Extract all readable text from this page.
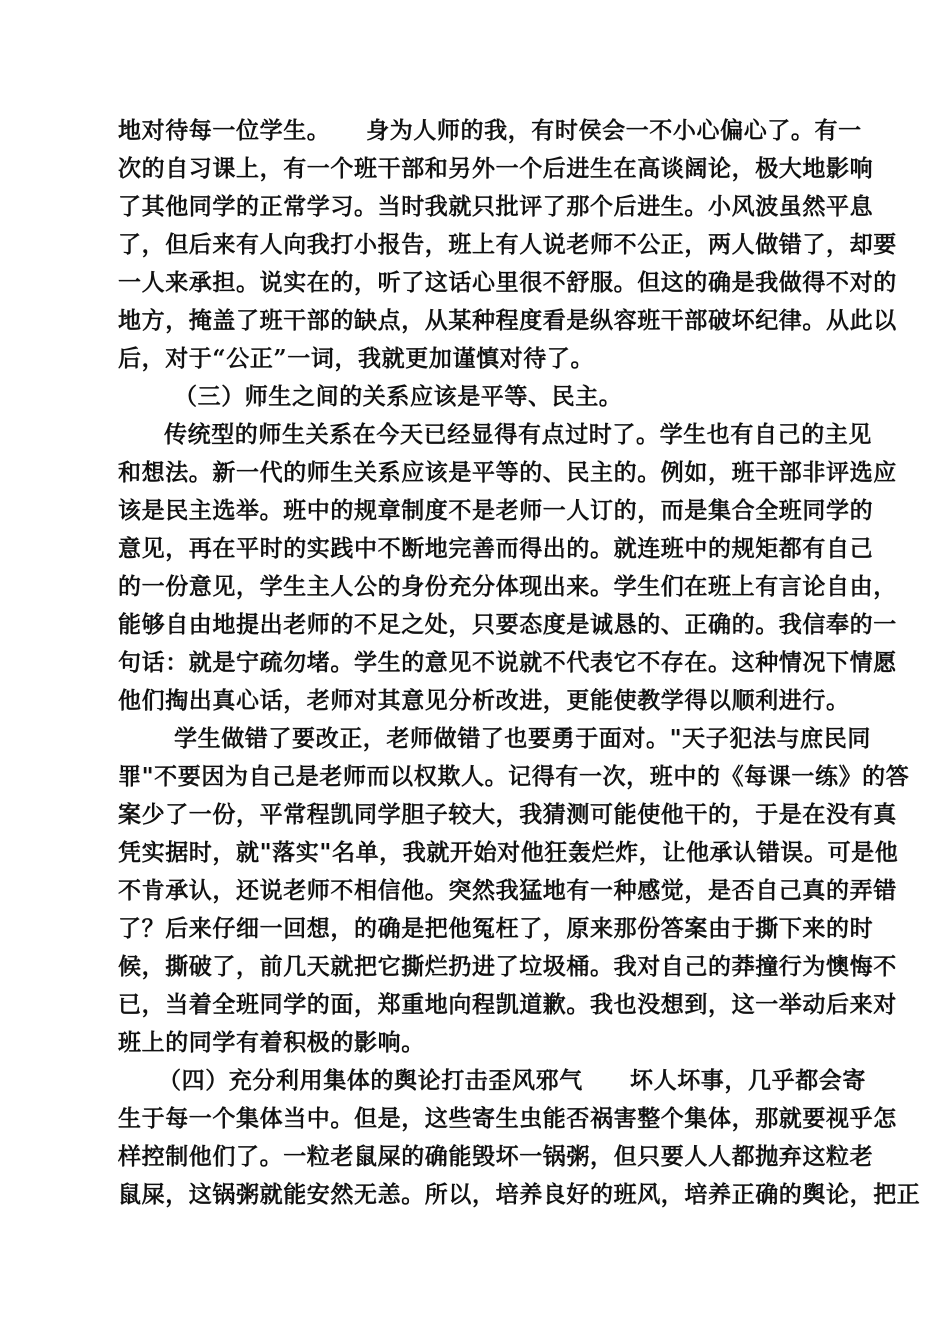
地对待每一位学生。　　身为人师的我，有时侯会一不小心偏心了。有一
次的自习课上，有一个班干部和另外一个后进生在高谈阔论，极大地影响
了其他同学的正常学习。当时我就只批评了那个后进生。小风波虽然平息
了，但后来有人向我打小报告，班上有人说老师不公正，两人做错了，却要
一人来承担。说实在的，听了这话心里很不舒服。但这的确是我做得不对的
地方，掩盖了班干部的缺点，从某种程度看是纵容班干部破坏纪律。从此以
后，对于“公正”一词，我就更加谨慎对待了。
（三）师生之间的关系应该是平等、民主。
传统型的师生关系在今天已经显得有点过时了。学生也有自己的主见
和想法。新一代的师生关系应该是平等的、民主的。例如，班干部非评选应
该是民主选举。班中的规章制度不是老师一人订的，而是集合全班同学的
意见，再在平时的实践中不断地完善而得出的。就连班中的规矩都有自己
的一份意见，学生主人公的身份充分体现出来。学生们在班上有言论自由，
能够自由地提出老师的不足之处，只要态度是诚恳的、正确的。我信奉的一
句话：就是宁疏勿堵。学生的意见不说就不代表它不存在。这种情况下情愿
他们掏出真心话，老师对其意见分析改进，更能使教学得以顺利进行。
学生做错了要改正，老师做错了也要勇于面对。"天子犯法与庶民同
罪"不要因为自己是老师而以权欺人。记得有一次，班中的《每课一练》的答
案少了一份，平常程凯同学胆子较大，我猜测可能使他干的，于是在没有真
凭实据时，就"落实"名单，我就开始对他狂轰烂炸，让他承认错误。可是他
不肯承认，还说老师不相信他。突然我猛地有一种感觉，是否自己真的弄错
了？后来仔细一回想，的确是把他冤枉了，原来那份答案由于撕下来的时
候，撕破了，前几天就把它撕烂扔进了垃圾桶。我对自己的莽撞行为懊悔不
已，当着全班同学的面，郑重地向程凯道歉。我也没想到，这一举动后来对
班上的同学有着积极的影响。
（四）充分利用集体的舆论打击歪风邪气　　坏人坏事，几乎都会寄
生于每一个集体当中。但是，这些寄生虫能否祸害整个集体，那就要视乎怎
样控制他们了。一粒老鼠屎的确能毁坏一锅粥，但只要人人都抛弃这粒老
鼠屎，这锅粥就能安然无恙。所以，培养良好的班风，培养正确的舆论，把正
